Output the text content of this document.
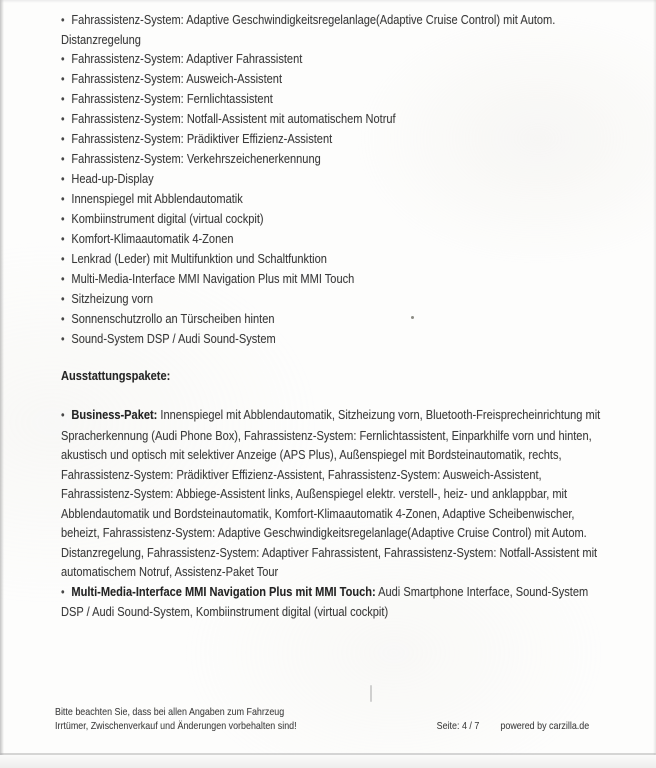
• Fahrassistenz-System: Adaptive Geschwindigkeitsregelanlage(Adaptive Cruise Control) mit Autom. Distanzregelung
• Fahrassistenz-System: Adaptiver Fahrassistent
• Fahrassistenz-System: Ausweich-Assistent
• Fahrassistenz-System: Fernlichtassistent
• Fahrassistenz-System: Notfall-Assistent mit automatischem Notruf
• Fahrassistenz-System: Prädiktiver Effizienz-Assistent
• Fahrassistenz-System: Verkehrszeichenerkennung
• Head-up-Display
• Innenspiegel mit Abblendautomatik
• Kombiinstrument digital (virtual cockpit)
• Komfort-Klimaautomatik 4-Zonen
• Lenkrad (Leder) mit Multifunktion und Schaltfunktion
• Multi-Media-Interface MMI Navigation Plus mit MMI Touch
• Sitzheizung vorn
• Sonnenschutzrollo an Türscheiben hinten
• Sound-System DSP / Audi Sound-System
Ausstattungspakete:

• Business-Paket: Innenspiegel mit Abblendautomatik, Sitzheizung vorn, Bluetooth-Freisprecheinrichtung mit Spracherkennung (Audi Phone Box), Fahrassistenz-System: Fernlichtassistent, Einparkhilfe vorn und hinten, akustisch und optisch mit selektiver Anzeige (APS Plus), Außenspiegel mit Bordsteinautomatik, rechts, Fahrassistenz-System: Prädiktiver Effizienz-Assistent, Fahrassistenz-System: Ausweich-Assistent, Fahrassistenz-System: Abbiege-Assistent links, Außenspiegel elektr. verstell-, heiz- und anklappbar, mit Abblendautomatik und Bordsteinautomatik, Komfort-Klimaautomatik 4-Zonen, Adaptive Scheibenwischer, beheizt, Fahrassistenz-System: Adaptive Geschwindigkeitsregelanlage(Adaptive Cruise Control) mit Autom. Distanzregelung, Fahrassistenz-System: Adaptiver Fahrassistent, Fahrassistenz-System: Notfall-Assistent mit automatischem Notruf, Assistenz-Paket Tour

• Multi-Media-Interface MMI Navigation Plus mit MMI Touch: Audi Smartphone Interface, Sound-System DSP / Audi Sound-System, Kombiinstrument digital (virtual cockpit)

Bitte beachten Sie, dass bei allen Angaben zum Fahrzeug
Irrtümer, Zwischenverkauf und Änderungen vorbehalten sind!	Seite: 4 / 7 powered by carzilla.de
